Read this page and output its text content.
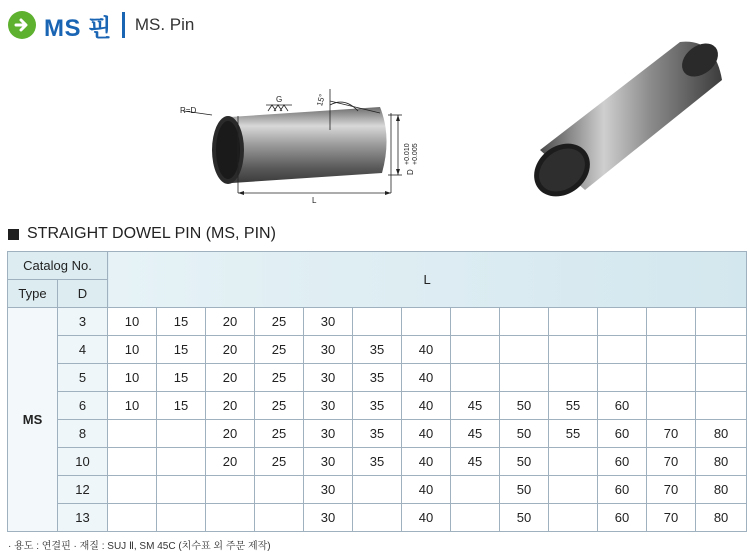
MS 핀 MS. Pin
R=D
G	15°
L
D
+0.010 +0.005
STRAIGHT DOWEL PIN (MS, PIN)
Catalog No.		L												
Type	D													
MS	3	10	15	20	25	30								
	4	10	15	20	25	30	35	40						
	5	10	15	20	25	30	35	40						
	6	10	15	20	25	30	35	40	45	50	55	60		
	8			20	25	30	35	40	45	50	55	60	70	80
	10			20	25	30	35	40	45	50		60	70	80
	12					30		40		50		60	70	80
	13					30		40		50		60	70	80
· 용도 : 연결핀 · 재질 : SUJ Ⅱ, SM 45C (치수표 외 주문 제작)
